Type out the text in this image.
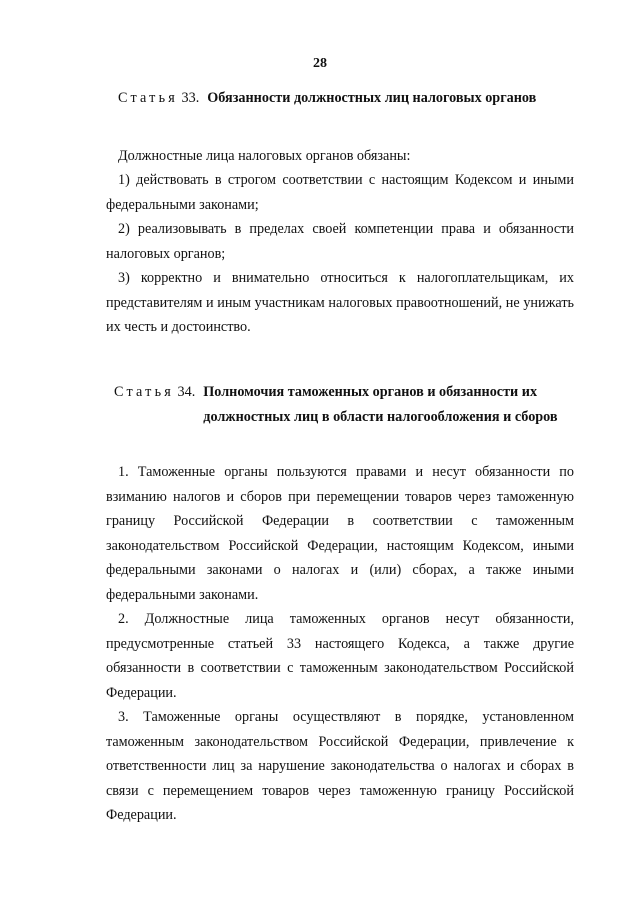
28
Статья 33. Обязанности должностных лиц налоговых органов

Должностные лица налоговых органов обязаны:

1) действовать в строгом соответствии с настоящим Кодексом и иными федеральными законами;

2) реализовывать в пределах своей компетенции права и обязанности налоговых органов;

3) корректно и внимательно относиться к налогоплательщикам, их представителям и иным участникам налоговых правоотношений, не унижать их честь и достоинство.

Статья 34. Полномочия таможенных органов и обязанности их должностных лиц в области налогообложения и сборов

1. Таможенные органы пользуются правами и несут обязанности по взиманию налогов и сборов при перемещении товаров через таможенную границу Российской Федерации в соответствии с таможенным законодательством Российской Федерации, настоящим Кодексом, иными федеральными законами о налогах и (или) сборах, а также иными федеральными законами.

2. Должностные лица таможенных органов несут обязанности, предусмотренные статьей 33 настоящего Кодекса, а также другие обязанности в соответствии с таможенным законодательством Российской Федерации.

3. Таможенные органы осуществляют в порядке, установленном таможенным законодательством Российской Федерации, привлечение к ответственности лиц за нарушение законодательства о налогах и сборах в связи с перемещением товаров через таможенную границу Российской Федерации.
